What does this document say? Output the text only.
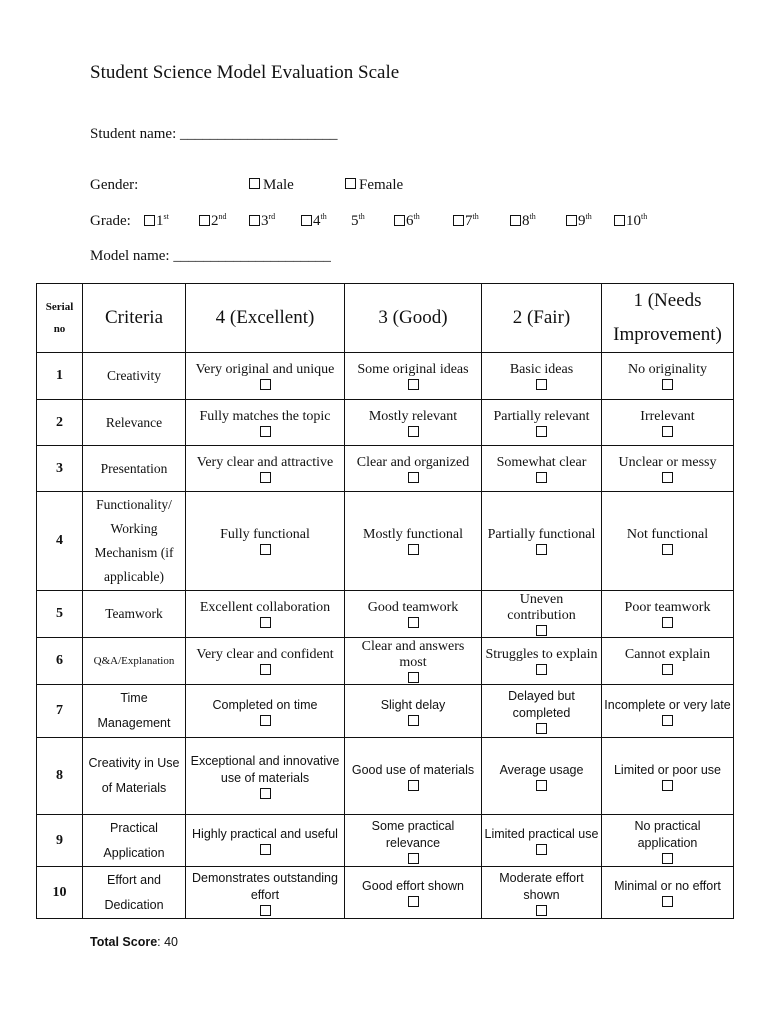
Student Science Model Evaluation Scale
Student name: _____________________
Gender:	Male	Female
Grade:	1st	2nd	3rd	4th 5th	6th	7th	8th	9th	10th
Model name: _____________________
Serial
no	Criteria	4 (Excellent)	3 (Good)	2 (Fair)	1 (Needs
Improvement)
1	Creativity	Very original and unique	Some original ideas	Basic ideas	No originality

2	Relevance	Fully matches the topic	Mostly relevant	Partially relevant	Irrelevant

3	Presentation	Very clear and attractive	Clear and organized	Somewhat clear	Unclear or messy

4	Functionality/ Working Mechanism (if applicable)	Fully functional	Mostly functional	Partially functional	Not functional

5	Teamwork	Excellent collaboration	Good teamwork	Uneven contribution	Poor teamwork

6	Q&A/Explanation	Very clear and confident	Clear and answers most	Struggles to explain	Cannot explain

7	Time Management	Completed on time	Slight delay	Delayed but completed	Incomplete or very late

8	Creativity in Use of Materials	Exceptional and innovative use of materials	Good use of materials	Average usage	Limited or poor use

9	Practical Application	Highly practical and useful	Some practical relevance	Limited practical use	No practical application

10	Effort and Dedication	Demonstrates outstanding effort	Good effort shown	Moderate effort shown	Minimal or no effort
Total Score: 40
